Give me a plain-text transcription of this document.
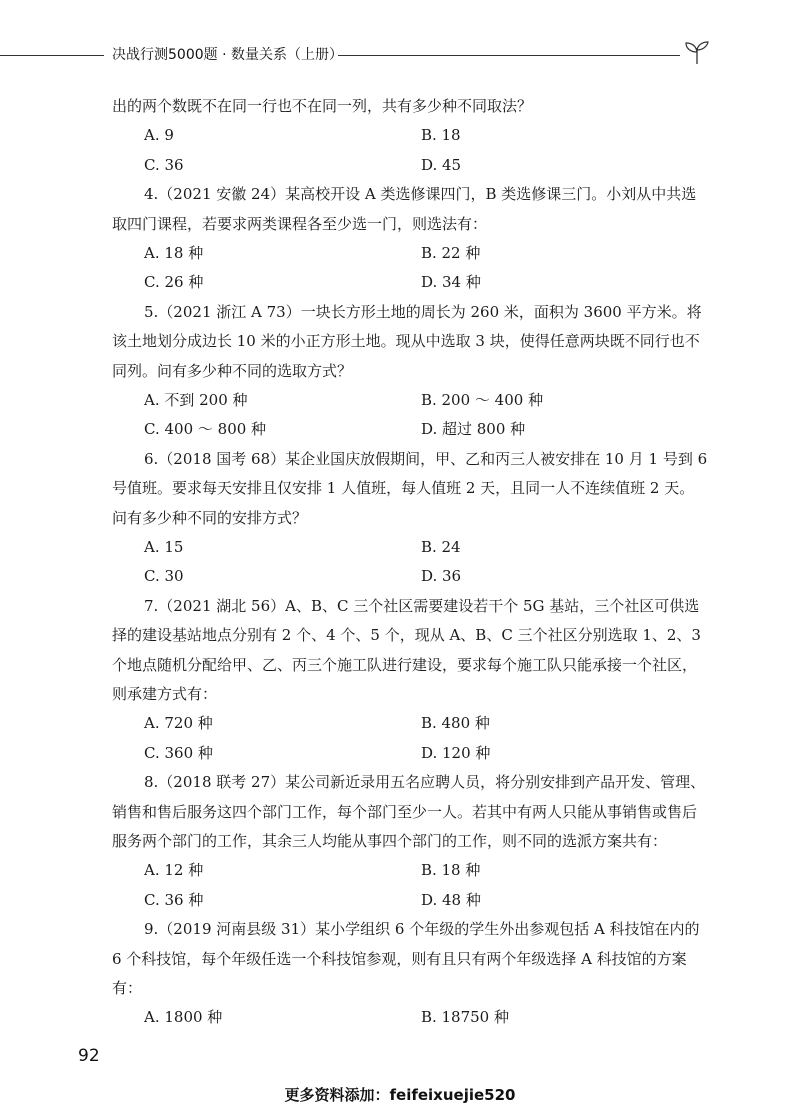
决战行测5000题 · 数量关系（上册）

出的两个数既不在同一行也不在同一列，共有多少种不同取法？

A. 9	B. 18
C. 36	D. 45

4.（2021 安徽 24）某高校开设 A 类选修课四门，B 类选修课三门。小刘从中共选取四门课程，若要求两类课程各至少选一门，则选法有：

A. 18 种	B. 22 种
C. 26 种	D. 34 种

5.（2021 浙江 A 73）一块长方形土地的周长为 260 米，面积为 3600 平方米。将该土地划分成边长 10 米的小正方形土地。现从中选取 3 块，使得任意两块既不同行也不同列。问有多少种不同的选取方式？

A. 不到 200 种	B. 200 ～ 400 种
C. 400 ～ 800 种	D. 超过 800 种

6.（2018 国考 68）某企业国庆放假期间，甲、乙和丙三人被安排在 10 月 1 号到 6 号值班。要求每天安排且仅安排 1 人值班，每人值班 2 天，且同一人不连续值班 2 天。问有多少种不同的安排方式？

A. 15	B. 24
C. 30	D. 36

7.（2021 湖北 56）A、B、C 三个社区需要建设若干个 5G 基站，三个社区可供选择的建设基站地点分别有 2 个、4 个、5 个，现从 A、B、C 三个社区分别选取 1、2、3 个地点随机分配给甲、乙、丙三个施工队进行建设，要求每个施工队只能承接一个社区，则承建方式有：

A. 720 种	B. 480 种
C. 360 种	D. 120 种

8.（2018 联考 27）某公司新近录用五名应聘人员，将分别安排到产品开发、管理、销售和售后服务这四个部门工作，每个部门至少一人。若其中有两人只能从事销售或售后服务两个部门的工作，其余三人均能从事四个部门的工作，则不同的选派方案共有：

A. 12 种	B. 18 种
C. 36 种	D. 48 种

9.（2019 河南县级 31）某小学组织 6 个年级的学生外出参观包括 A 科技馆在内的 6 个科技馆，每个年级任选一个科技馆参观，则有且只有两个年级选择 A 科技馆的方案有：

A. 1800 种	B. 18750 种
92
更多资料添加：feifeixuejie520
